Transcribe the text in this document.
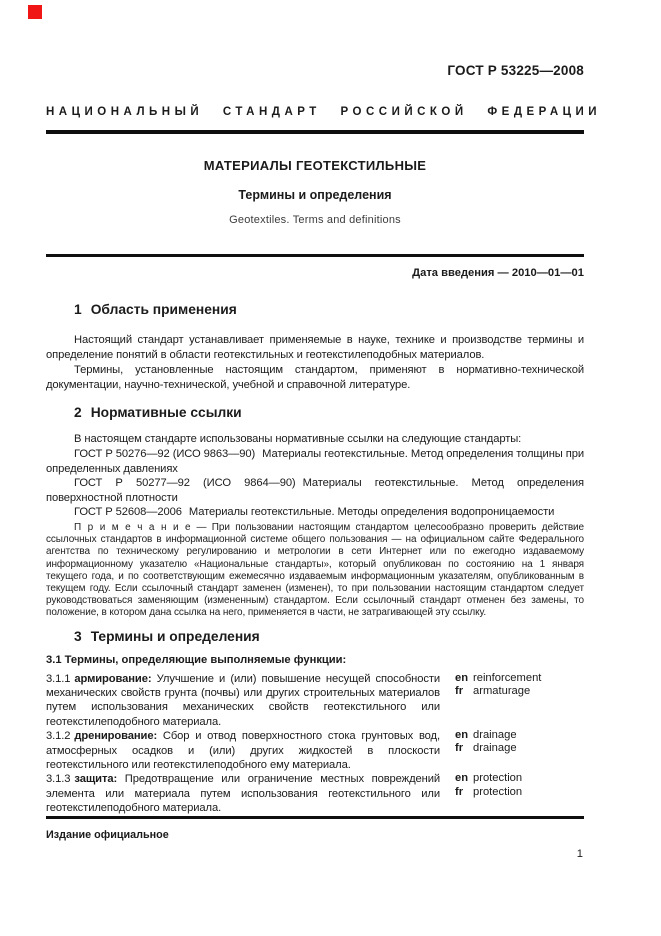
ГОСТ Р 53225—2008
НАЦИОНАЛЬНЫЙ СТАНДАРТ РОССИЙСКОЙ ФЕДЕРАЦИИ
МАТЕРИАЛЫ ГЕОТЕКСТИЛЬНЫЕ
Термины и определения
Geotextiles. Terms and definitions
Дата введения — 2010—01—01
1 Область применения

Настоящий стандарт устанавливает применяемые в науке, технике и производстве термины и определение понятий в области геотекстильных и геотекстилеподобных материалов.

Термины, установленные настоящим стандартом, применяют в нормативно-технической документации, научно-технической, учебной и справочной литературе.

2 Нормативные ссылки

В настоящем стандарте использованы нормативные ссылки на следующие стандарты:

ГОСТ Р 50276—92 (ИСО 9863—90) Материалы геотекстильные. Метод определения толщины при определенных давлениях

ГОСТ Р 50277—92 (ИСО 9864—90) Материалы геотекстильные. Метод определения поверхностной плотности

ГОСТ Р 52608—2006 Материалы геотекстильные. Методы определения водопроницаемости

П р и м е ч а н и е — При пользовании настоящим стандартом целесообразно проверить действие ссылочных стандартов в информационной системе общего пользования — на официальном сайте Федерального агентства по техническому регулированию и метрологии в сети Интернет или по ежегодно издаваемому информационному указателю «Национальные стандарты», который опубликован по состоянию на 1 января текущего года, и по соответствующим ежемесячно издаваемым информационным указателям, опубликованным в текущем году. Если ссылочный стандарт заменен (изменен), то при пользовании настоящим стандартом следует руководствоваться заменяющим (измененным) стандартом. Если ссылочный стандарт отменен без замены, то положение, в котором дана ссылка на него, применяется в части, не затрагивающей эту ссылку.

3 Термины и определения

3.1 Термины, определяющие выполняемые функции:

3.1.1 армирование: Улучшение и (или) повышение несущей способности механических свойств грунта (почвы) или других строительных материалов путем использования механических свойств геотекстильного или геотекстилеподобного материала.
en reinforcement
fr armaturage
3.1.2 дренирование: Сбор и отвод поверхностного стока грунтовых вод, атмосферных осадков и (или) других жидкостей в плоскости геотекстильного или геотекстилеподобного ему материала.
en drainage
fr drainage
3.1.3 защита: Предотвращение или ограничение местных повреждений элемента или материала путем использования геотекстильного или геотекстилеподобного материала.
en protection
fr protection
Издание официальное
1
